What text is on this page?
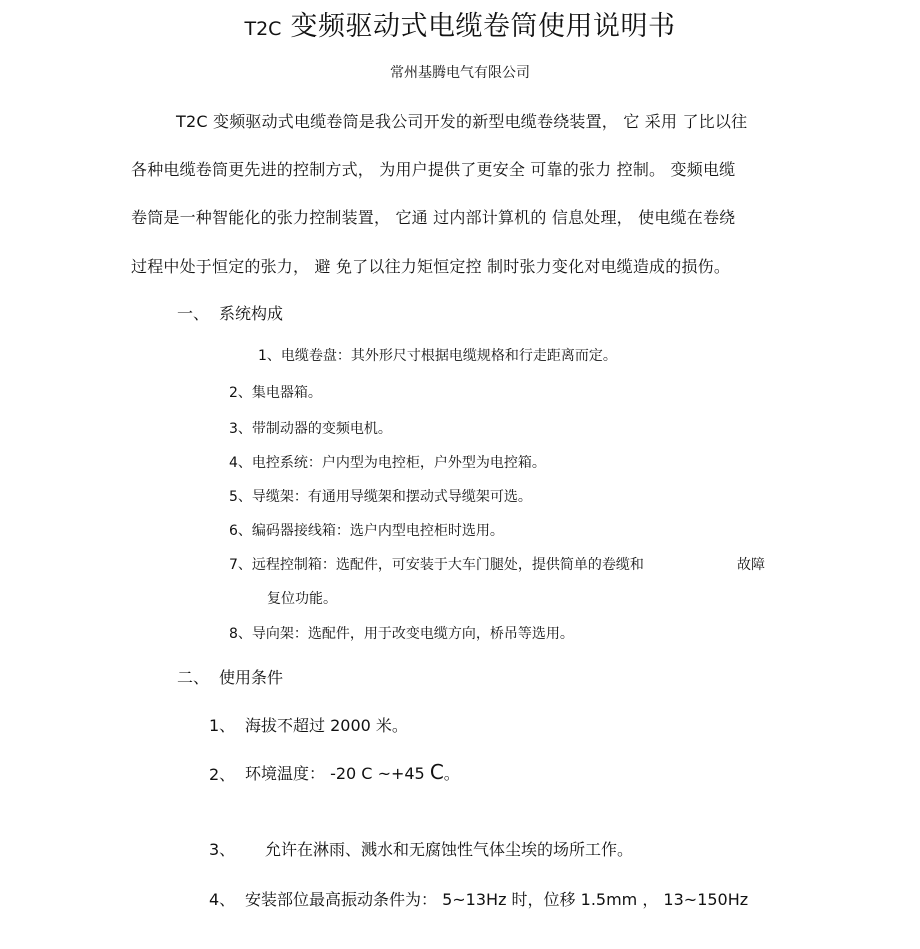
T2C 变频驱动式电缆卷筒使用说明书
常州基腾电气有限公司
T2C 变频驱动式电缆卷筒是我公司开发的新型电缆卷绕装置， 它 采用 了比以往
各种电缆卷筒更先进的控制方式， 为用户提供了更安全 可靠的张力 控制。 变频电缆
卷筒是一种智能化的张力控制装置， 它通 过内部计算机的 信息处理， 使电缆在卷绕
过程中处于恒定的张力， 避 免了以往力矩恒定控 制时张力变化对电缆造成的损伤。
一、 系统构成
1、电缆卷盘：其外形尺寸根据电缆规格和行走距离而定。
2、集电器箱。
3、带制动器的变频电机。
4、电控系统：户内型为电控柜，户外型为电控箱。
5、导缆架：有通用导缆架和摆动式导缆架可选。
6、编码器接线箱：选户内型电控柜时选用。
7、远程控制箱：选配件，可安装于大车门腿处，提供简单的卷缆和	故障
复位功能。
8、导向架：选配件，用于改变电缆方向，桥吊等选用。
二、 使用条件
1、 海拔不超过 2000 米。
2、 环境温度： -20 C ~+45 C。
3、 允许在淋雨、溅水和无腐蚀性气体尘埃的场所工作。
4、 安装部位最高振动条件为： 5~13Hz 时，位移 1.5mm ， 13~150Hz
